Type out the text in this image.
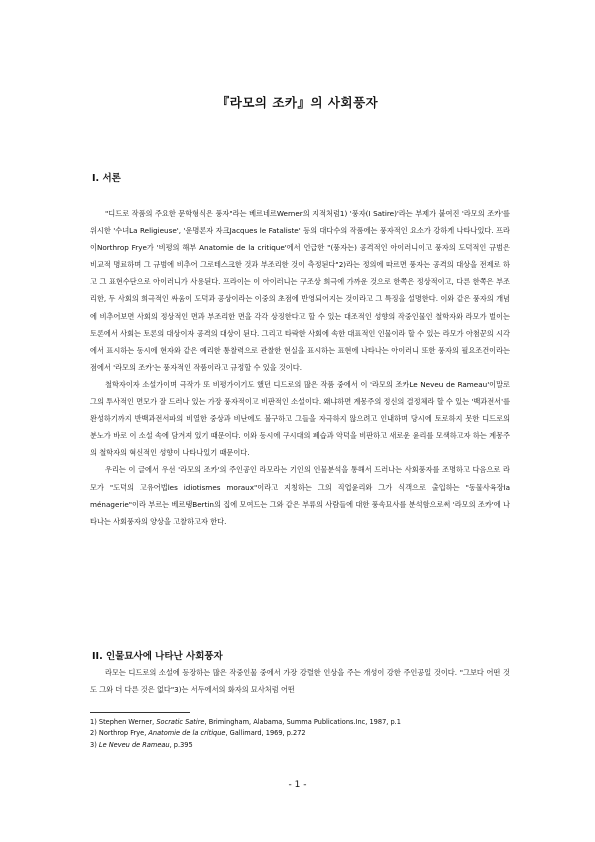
『라모의 조카』의 사회풍자
I. 서론

"디드로 작품의 주요한 문학형식은 풍자"라는 베르네르Werner의 지적처럼1) '풍자(I Satire)'라는 부제가 붙여진 '라모의 조카'를 위시한 '수녀La Religieuse', '운명론자 자크Jacques le Fataliste' 등의 대다수의 작품에는 풍자적인 요소가 강하게 나타나있다. 프라이Northrop Frye가 '비평의 해부 Anatomie de la critique'에서 언급한 "(풍자는) 공격적인 아이러니이고 풍자의 도덕적인 규범은 비교적 명료하며 그 규범에 비추어 그로테스크한 것과 부조리한 것이 측정된다"2)라는 정의에 따르면 풍자는 공격의 대상을 전제로 하고 그 표현수단으로 아이러니가 사용된다. 프라이는 이 아이러니는 구조상 희극에 가까운 것으로 한쪽은 정상적이고, 다른 한쪽은 부조리한, 두 사회의 희극적인 싸움이 도덕과 공상이라는 이중의 초점에 반영되어지는 것이라고 그 특징을 설명한다. 이와 같은 풍자의 개념에 비추어보면 사회의 정상적인 면과 부조리한 면을 각각 상징한다고 할 수 있는 대조적인 성향의 작중인물인 철학자와 라모가 벌이는 토론에서 사회는 토론의 대상이자 공격의 대상이 된다. 그리고 타락한 사회에 속한 대표적인 인물이라 할 수 있는 라모가 아첨꾼의 시각에서 표시하는 동시에 현자와 같은 예리한 통찰력으로 관찰한 현실을 표시하는 표현에 나타나는 아이러니 또한 풍자의 필요조건이라는 점에서 '라모의 조카'는 풍자적인 작품이라고 규정할 수 있을 것이다.

철학자이자 소설가이며 극작가 또 비평가이기도 했던 디드로의 많은 작품 중에서 이 '라모의 조카Le Neveu de Rameau'이말로 그의 투사적인 면모가 잘 드러나 있는 가장 풍자적이고 비판적인 소설이다. 왜냐하면 계몽주의 정신의 결정체라 할 수 있는 '백과전서'를 완성하기까지 반백과전서파의 비열한 중상과 비난에도 불구하고 그들을 자극하지 않으려고 인내하며 당시에 토로하지 못한 디드로의 분노가 바로 이 소설 속에 담겨져 있기 때문이다. 이와 동시에 구시대의 폐습과 악덕을 비판하고 새로운 윤리를 모색하고자 하는 계몽주의 철학자의 혁신적인 성향이 나타나있기 때문이다.

우리는 이 글에서 우선 '라모의 조카'의 주인공인 라모라는 기인의 인물분석을 통해서 드러나는 사회풍자를 조명하고 다음으로 라모가 "도덕의 고유어법les idiotismes moraux"이라고 지칭하는 그의 직업윤리와 그가 식객으로 출입하는 "동물사육장la ménagerie"이라 부르는 베르탱Bertin의 집에 모여드는 그와 같은 부류의 사람들에 대한 풍속묘사를 분석함으로써 '라모의 조카'에 나타나는 사회풍자의 양상을 고찰하고자 한다.

II. 인물묘사에 나타난 사회풍자

라모는 디드로의 소설에 등장하는 많은 작중인물 중에서 가장 강렬한 인상을 주는 개성이 강한 주인공일 것이다. "그보다 어떤 것도 그와 더 다른 것은 없다"3)는 서두에서의 화자의 묘사처럼 어떤

1) Stephen Werner, Socratic Satire, Brimingham, Alabama, Summa Publications.Inc, 1987, p.1
2) Northrop Frye, Anatomie de la critique, Gallimard, 1969, p.272
3) Le Neveu de Rameau, p.395
- 1 -
